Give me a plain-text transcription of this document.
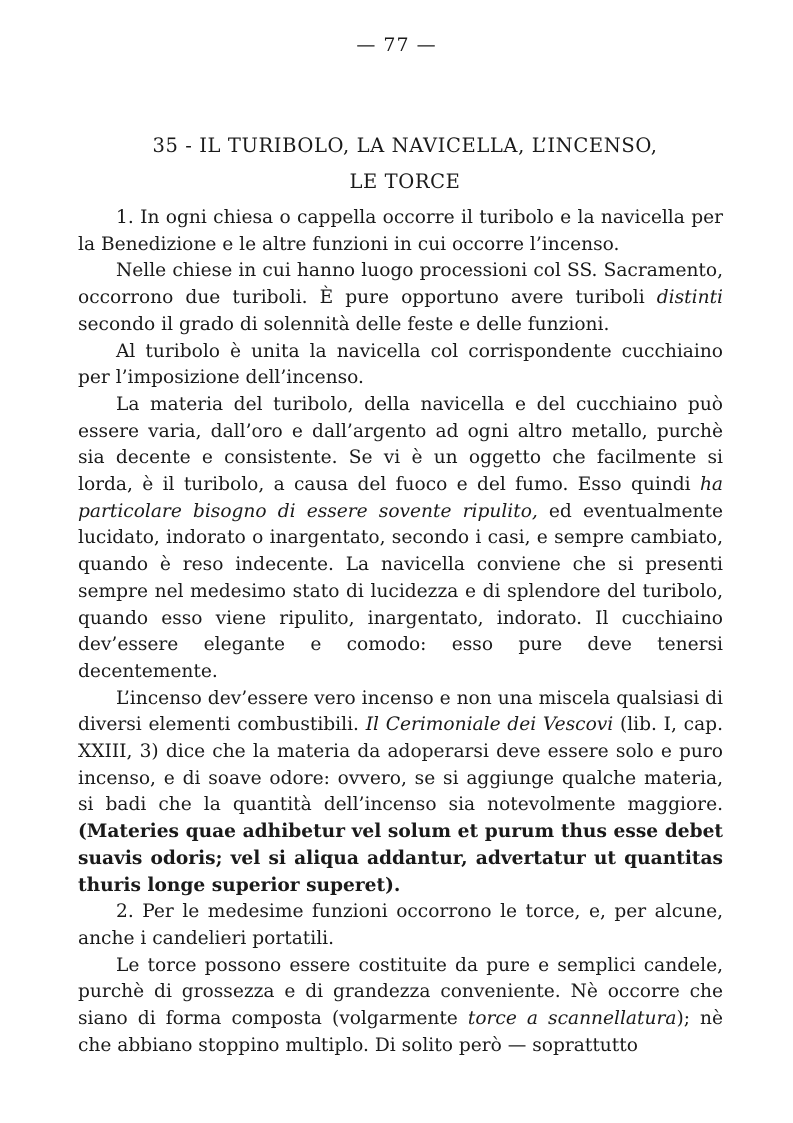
— 77 —
35 - IL TURIBOLO, LA NAVICELLA, L’INCENSO,
LE TORCE

1. In ogni chiesa o cappella occorre il turibolo e la navicella per la Benedizione e le altre funzioni in cui occorre l’incenso.

Nelle chiese in cui hanno luogo processioni col SS. Sacramento, occorrono due turiboli. È pure opportuno avere turiboli distinti secondo il grado di solennità delle feste e delle funzioni.

Al turibolo è unita la navicella col corrispondente cucchiaino per l’imposizione dell’incenso.

La materia del turibolo, della navicella e del cucchiaino può essere varia, dall’oro e dall’argento ad ogni altro metallo, purchè sia decente e consistente. Se vi è un oggetto che facilmente si lorda, è il turibolo, a causa del fuoco e del fumo. Esso quindi ha particolare bisogno di essere sovente ripulito, ed eventualmente lucidato, indorato o inargentato, secondo i casi, e sempre cambiato, quando è reso indecente. La navicella conviene che si presenti sempre nel medesimo stato di lucidezza e di splendore del turibolo, quando esso viene ripulito, inargentato, indorato. Il cucchiaino dev’essere elegante e comodo: esso pure deve tenersi decentemente.

L’incenso dev’essere vero incenso e non una miscela qualsiasi di diversi elementi combustibili. Il Cerimoniale dei Vescovi (lib. I, cap. XXIII, 3) dice che la materia da adoperarsi deve essere solo e puro incenso, e di soave odore: ovvero, se si aggiunge qualche materia, si badi che la quantità dell’incenso sia notevolmente maggiore. (Materies quae adhibetur vel solum et purum thus esse debet suavis odoris; vel si aliqua addantur, advertatur ut quantitas thuris longe superior superet).

2. Per le medesime funzioni occorrono le torce, e, per alcune, anche i candelieri portatili.

Le torce possono essere costituite da pure e semplici candele, purchè di grossezza e di grandezza conveniente. Nè occorre che siano di forma composta (volgarmente torce a scannellatura); nè che abbiano stoppino multiplo. Di solito però — soprattutto
